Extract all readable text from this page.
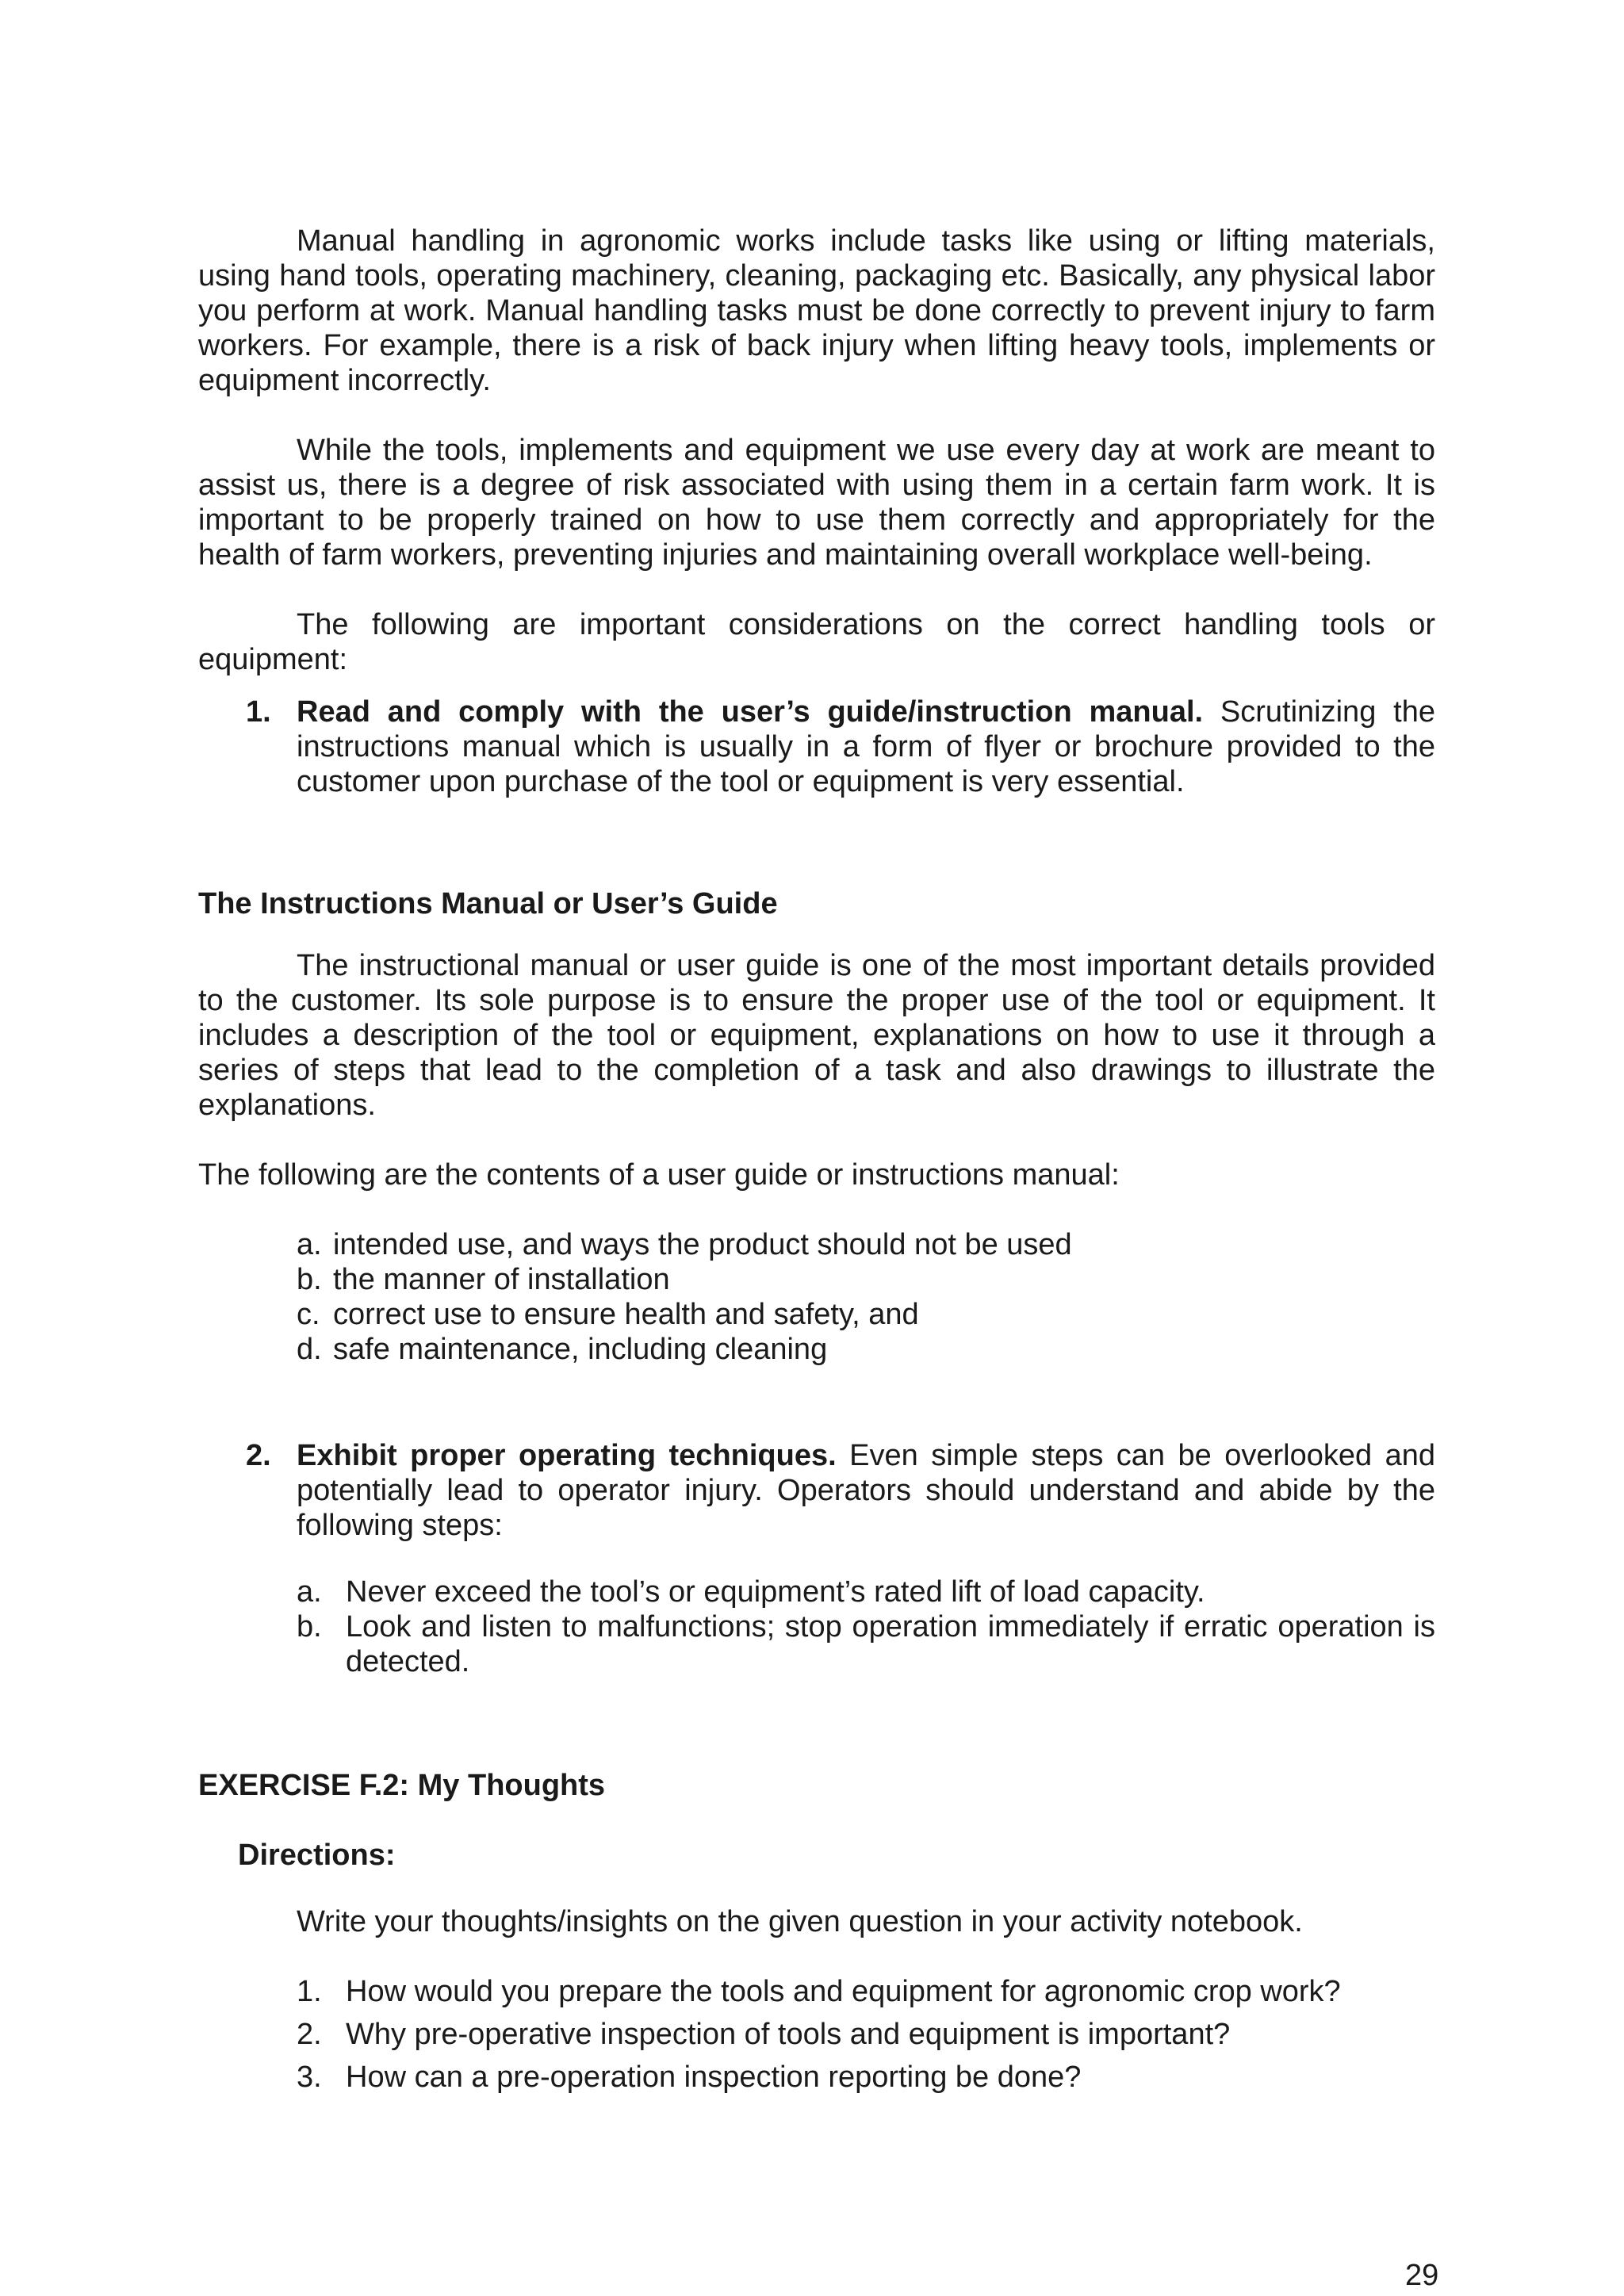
Manual handling in agronomic works include tasks like using or lifting materials, using hand tools, operating machinery, cleaning, packaging etc. Basically, any physical labor you perform at work. Manual handling tasks must be done correctly to prevent injury to farm workers. For example, there is a risk of back injury when lifting heavy tools, implements or equipment incorrectly.

While the tools, implements and equipment we use every day at work are meant to assist us, there is a degree of risk associated with using them in a certain farm work. It is important to be properly trained on how to use them correctly and appropriately for the health of farm workers, preventing injuries and maintaining overall workplace well-being.

The following are important considerations on the correct handling tools or equipment:

1. Read and comply with the user’s guide/instruction manual. Scrutinizing the instructions manual which is usually in a form of flyer or brochure provided to the customer upon purchase of the tool or equipment is very essential.

The Instructions Manual or User’s Guide

The instructional manual or user guide is one of the most important details provided to the customer. Its sole purpose is to ensure the proper use of the tool or equipment. It includes a description of the tool or equipment, explanations on how to use it through a series of steps that lead to the completion of a task and also drawings to illustrate the explanations.

The following are the contents of a user guide or instructions manual:

a. intended use, and ways the product should not be used
b. the manner of installation
c. correct use to ensure health and safety, and
d. safe maintenance, including cleaning
2. Exhibit proper operating techniques. Even simple steps can be overlooked and potentially lead to operator injury. Operators should understand and abide by the following steps:
a. Never exceed the tool’s or equipment’s rated lift of load capacity.
b. Look and listen to malfunctions; stop operation immediately if erratic operation is detected.

EXERCISE F.2: My Thoughts

Directions:

Write your thoughts/insights on the given question in your activity notebook.

1. How would you prepare the tools and equipment for agronomic crop work?
2. Why pre-operative inspection of tools and equipment is important?
3. How can a pre-operation inspection reporting be done?
29
